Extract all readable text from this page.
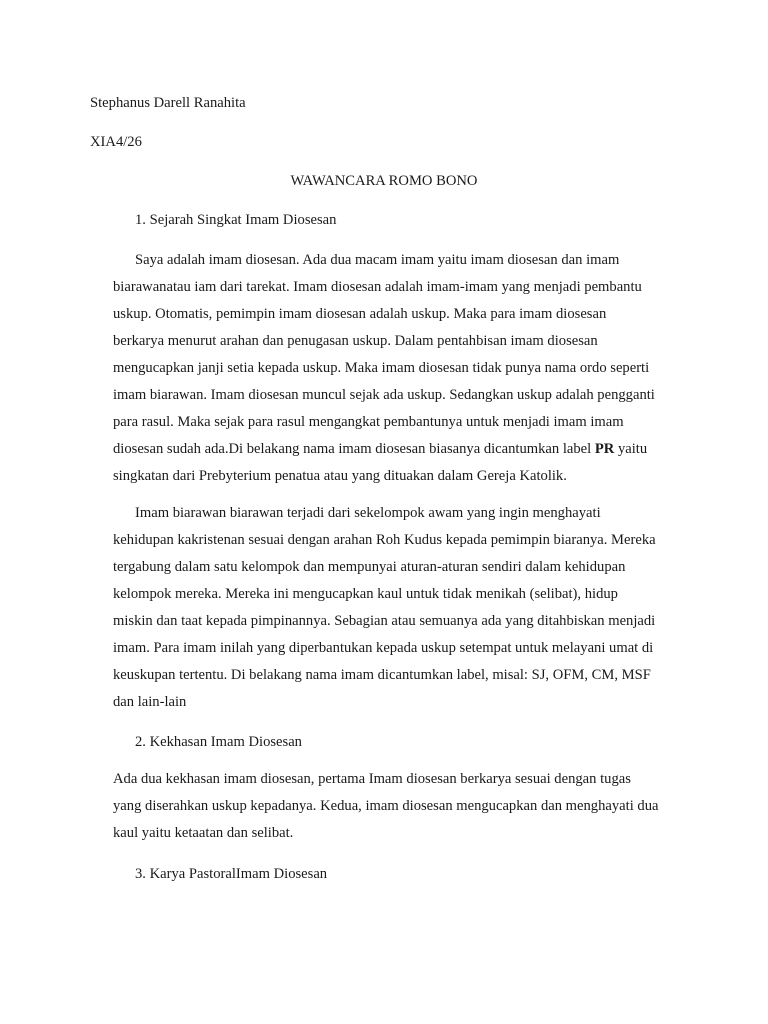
Stephanus Darell Ranahita
XIA4/26
WAWANCARA ROMO BONO
1. Sejarah Singkat Imam Diosesan
Saya adalah imam diosesan. Ada dua macam imam yaitu imam diosesan dan imam
biarawanatau iam dari tarekat. Imam diosesan adalah imam-imam yang menjadi pembantu
uskup. Otomatis, pemimpin imam diosesan adalah uskup. Maka para imam diosesan
berkarya menurut arahan dan penugasan uskup. Dalam pentahbisan imam diosesan
mengucapkan janji setia kepada uskup. Maka imam diosesan tidak punya nama ordo seperti
imam biarawan. Imam diosesan muncul sejak ada uskup. Sedangkan uskup adalah pengganti
para rasul. Maka sejak para rasul mengangkat pembantunya untuk menjadi imam imam
diosesan sudah ada.Di belakang nama imam diosesan biasanya dicantumkan label PR yaitu
singkatan dari Prebyterium penatua atau yang dituakan dalam Gereja Katolik.
Imam biarawan biarawan terjadi dari sekelompok awam yang ingin menghayati
kehidupan kakristenan sesuai dengan arahan Roh Kudus kepada pemimpin biaranya. Mereka
tergabung dalam satu kelompok dan mempunyai aturan-aturan sendiri dalam kehidupan
kelompok mereka. Mereka ini mengucapkan kaul untuk tidak menikah (selibat), hidup
miskin dan taat kepada pimpinannya. Sebagian atau semuanya ada yang ditahbiskan menjadi
imam. Para imam inilah yang diperbantukan kepada uskup setempat untuk melayani umat di
keuskupan tertentu. Di belakang nama imam dicantumkan label, misal: SJ, OFM, CM, MSF
dan lain-lain
2. Kekhasan Imam Diosesan
Ada dua kekhasan imam diosesan, pertama Imam diosesan berkarya sesuai dengan tugas
yang diserahkan uskup kepadanya. Kedua, imam diosesan mengucapkan dan menghayati dua
kaul yaitu ketaatan dan selibat.
3. Karya PastoralImam Diosesan
